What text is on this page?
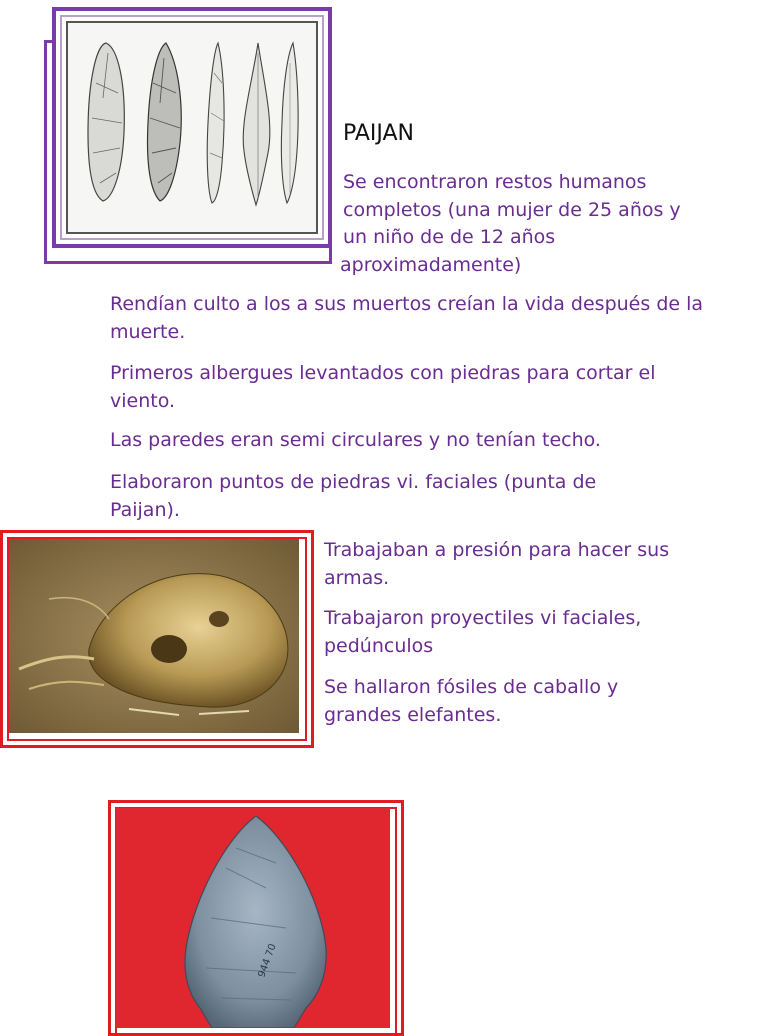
PAIJAN
Se encontraron restos humanos
completos (una mujer de 25 años y
un niño de de 12 años
aproximadamente)
Rendían culto a los a sus muertos creían la vida después de la muerte.
Primeros albergues levantados con piedras para cortar el viento.
Las paredes eran semi circulares y no tenían techo.
Elaboraron puntos de piedras vi. faciales (punta de Paijan).
Trabajaban a presión para hacer sus armas.
Trabajaron proyectiles vi faciales, pedúnculos
Se hallaron fósiles de caballo y grandes elefantes.
944 70
